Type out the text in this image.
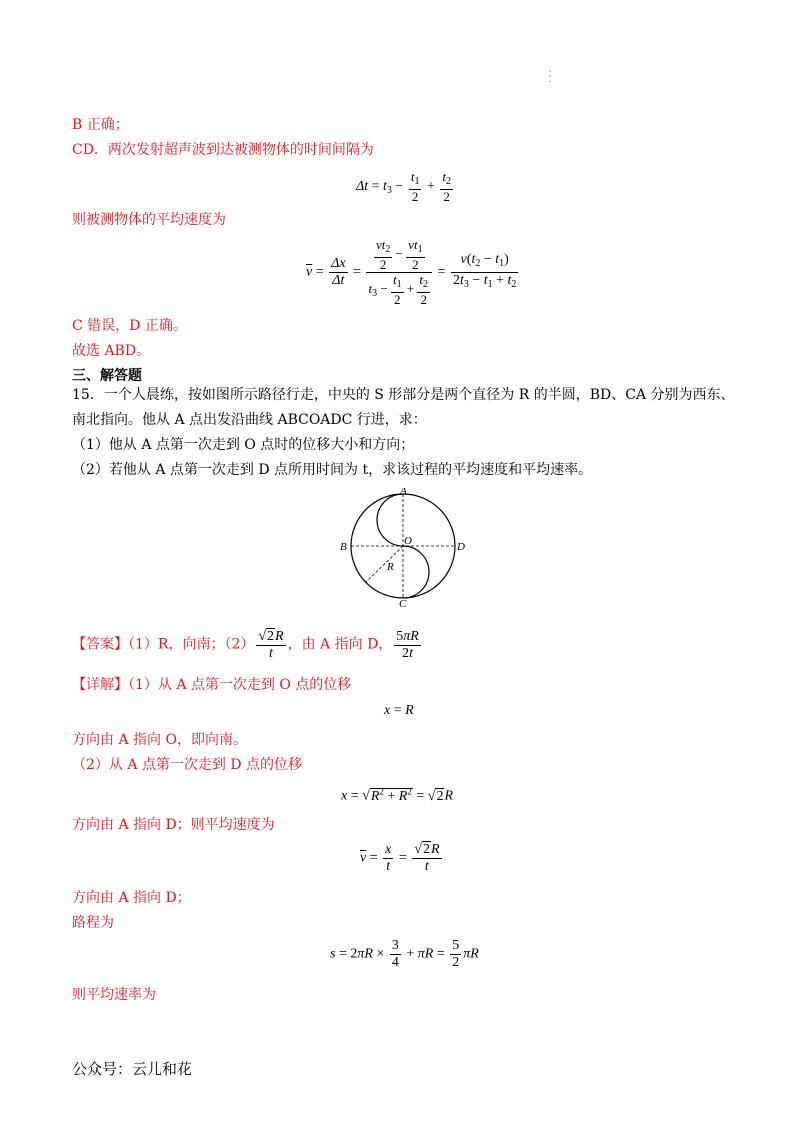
· · ·
B 正确；
CD．两次发射超声波到达被测物体的时间间隔为
$\Delta t = t_3 - \frac{t_1}{2} + \frac{t_2}{2}$
则被测物体的平均速度为
$\overline{v} = \frac{\Delta x}{\Delta t} = \frac{\frac{vt_2}{2} - \frac{vt_1}{2}}{t_3 - \frac{t_1}{2} + \frac{t_2}{2}} = \frac{v(t_2 - t_1)}{2t_3 - t_1 + t_2}$
C 错误，D 正确。
故选 ABD。
三、解答题
15．一个人晨练，按如图所示路径行走，中央的 S 形部分是两个直径为 R 的半圆，BD、CA 分别为西东、
南北指向。他从 A 点出发沿曲线 ABCOADC 行进，求：
（1）他从 A 点第一次走到 O 点时的位移大小和方向；
（2）若他从 A 点第一次走到 D 点所用时间为 t，求该过程的平均速度和平均速率。
A
B
C
D
O
R
【答案】（1）R，向南；$(2) \frac{√2R}{t}$ ，由 A 指向 D， $\frac{5\pi R}{2t}$
【详解】（1）从 A 点第一次走到 O 点的位移
x = R
方向由 A 指向 O，即向南。
（2）从 A 点第一次走到 D 点的位移
$x = √R^2 + R^2 = √2R$
方向由 A 指向 D；则平均速度为
$\overline{v} = \frac{x}{t} = \frac{√2R}{t}$
方向由 A 指向 D；
路程为
$s = 2\pi R \times \frac{3}{4} + \pi R = \frac{5}{2}$ πR
则平均速率为
公众号：云儿和花
